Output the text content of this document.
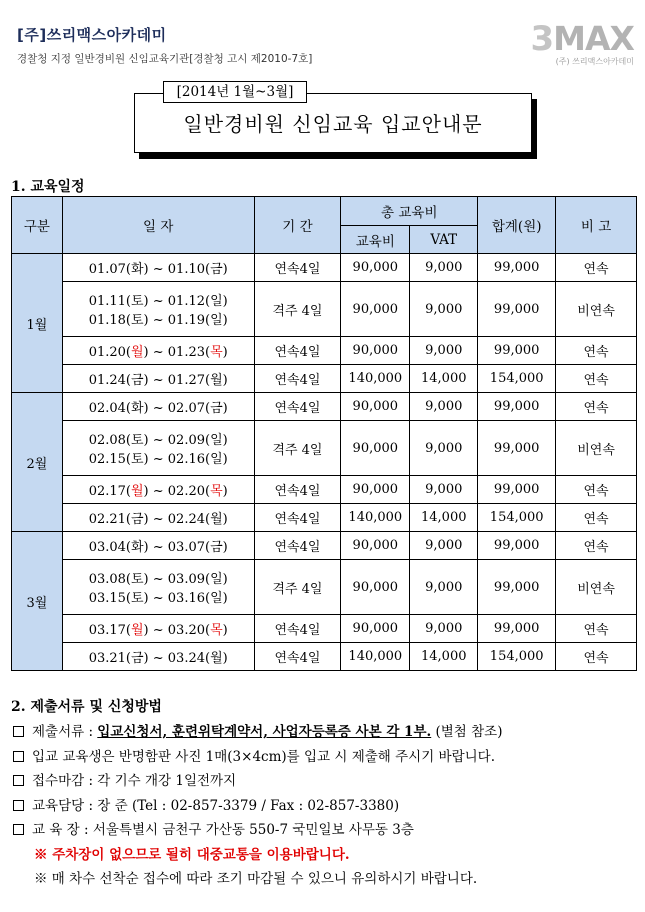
[주]쓰리맥스아카데미
경찰청 지정 일반경비원 신임교육기관[경찰청 고시 제2010-7호]	3MAX
(주) 쓰리맥스아카데미
일반경비원 신임교육 입교안내문
[2014년 1월~3월]
1. 교육일정
구분	일 자	기 간	총 교육비		합계(원)	비 고
			교육비	VAT		
1월	01.07(화) ~ 01.10(금)	연속4일	90,000	9,000	99,000	연속

	01.11(토) ~ 01.12(일)
01.18(토) ~ 01.19(일)	격주 4일	90,000	9,000	99,000	비연속

	01.20(월) ~ 01.23(목)	연속4일	90,000	9,000	99,000	연속

	01.24(금) ~ 01.27(월)	연속4일	140,000	14,000	154,000	연속
2월	02.04(화) ~ 02.07(금)	연속4일	90,000	9,000	99,000	연속

	02.08(토) ~ 02.09(일)
02.15(토) ~ 02.16(일)	격주 4일	90,000	9,000	99,000	비연속

	02.17(월) ~ 02.20(목)	연속4일	90,000	9,000	99,000	연속

	02.21(금) ~ 02.24(월)	연속4일	140,000	14,000	154,000	연속
3월	03.04(화) ~ 03.07(금)	연속4일	90,000	9,000	99,000	연속

	03.08(토) ~ 03.09(일)
03.15(토) ~ 03.16(일)	격주 4일	90,000	9,000	99,000	비연속

	03.17(월) ~ 03.20(목)	연속4일	90,000	9,000	99,000	연속

	03.21(금) ~ 03.24(월)	연속4일	140,000	14,000	154,000	연속
2. 제출서류 및 신청방법
제출서류 : 입교신청서, 훈련위탁계약서, 사업자등록증 사본 각 1부. (별첨 참조)
입교 교육생은 반명함판 사진 1매(3×4cm)를 입교 시 제출해 주시기 바랍니다.
접수마감 : 각 기수 개강 1일전까지
교육담당 : 장 준 (Tel : 02-857-3379 / Fax : 02-857-3380)
교 육 장 : 서울특별시 금천구 가산동 550-7 국민일보 사무동 3층
※ 주차장이 없으므로 될히 대중교통을 이용바랍니다.
※ 매 차수 선착순 접수에 따라 조기 마감될 수 있으니 유의하시기 바랍니다.
